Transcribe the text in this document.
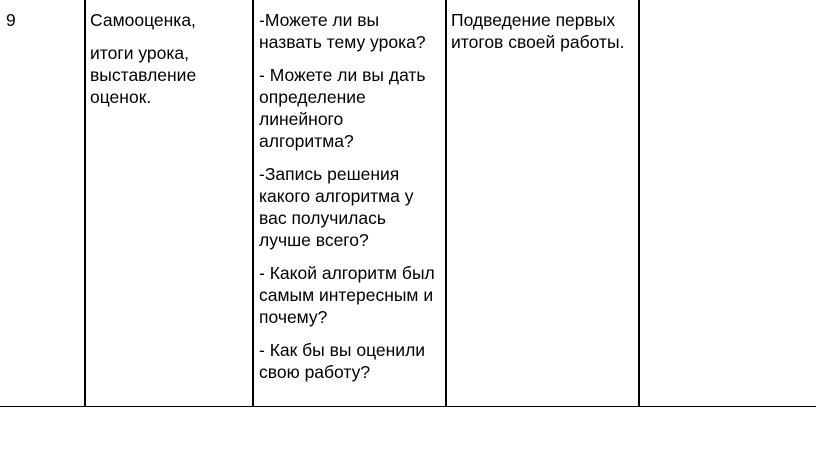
9	Самооценка,

итоги урока, выставление оценок.

-Можете ли вы назвать тему урока?

- Можете ли вы дать определение линейного алгоритма?

-Запись решения какого алгоритма у вас получилась лучше всего?

- Какой алгоритм был самым интересным и почему?

- Как бы вы оценили свою работу?

Подведение первых итогов своей работы.
